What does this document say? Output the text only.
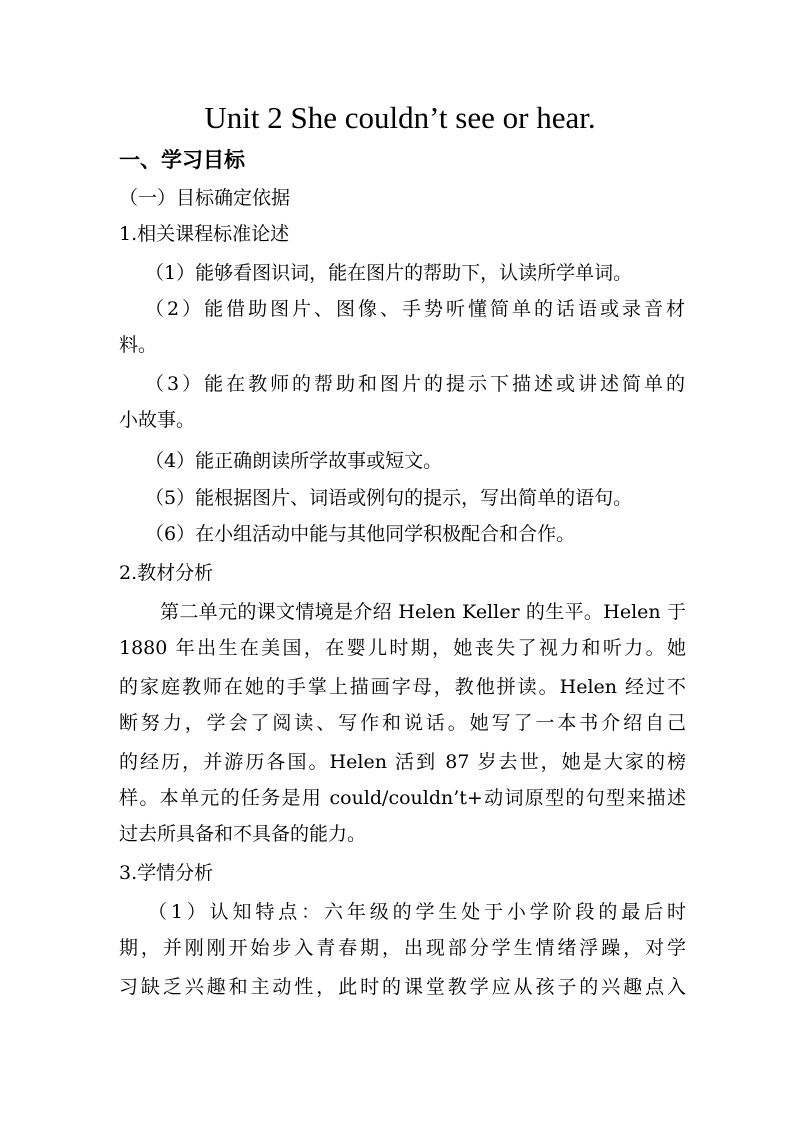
Unit 2 She couldn’t see or hear.
一、学习目标
（一）目标确定依据
1.相关课程标准论述
（1）能够看图识词，能在图片的帮助下，认读所学单词。
（2）能借助图片、图像、手势听懂简单的话语或录音材
料。
（3）能在教师的帮助和图片的提示下描述或讲述简单的
小故事。
（4）能正确朗读所学故事或短文。
（5）能根据图片、词语或例句的提示，写出简单的语句。
（6）在小组活动中能与其他同学积极配合和合作。
2.教材分析
第二单元的课文情境是介绍 Helen Keller 的生平。Helen 于
1880 年出生在美国，在婴儿时期，她丧失了视力和听力。她
的家庭教师在她的手掌上描画字母，教他拼读。Helen 经过不
断努力，学会了阅读、写作和说话。她写了一本书介绍自己
的经历，并游历各国。Helen 活到 87 岁去世，她是大家的榜
样。本单元的任务是用 could/couldn’t+动词原型的句型来描述
过去所具备和不具备的能力。
3.学情分析
（1）认知特点：六年级的学生处于小学阶段的最后时
期，并刚刚开始步入青春期，出现部分学生情绪浮躁，对学
习缺乏兴趣和主动性，此时的课堂教学应从孩子的兴趣点入
